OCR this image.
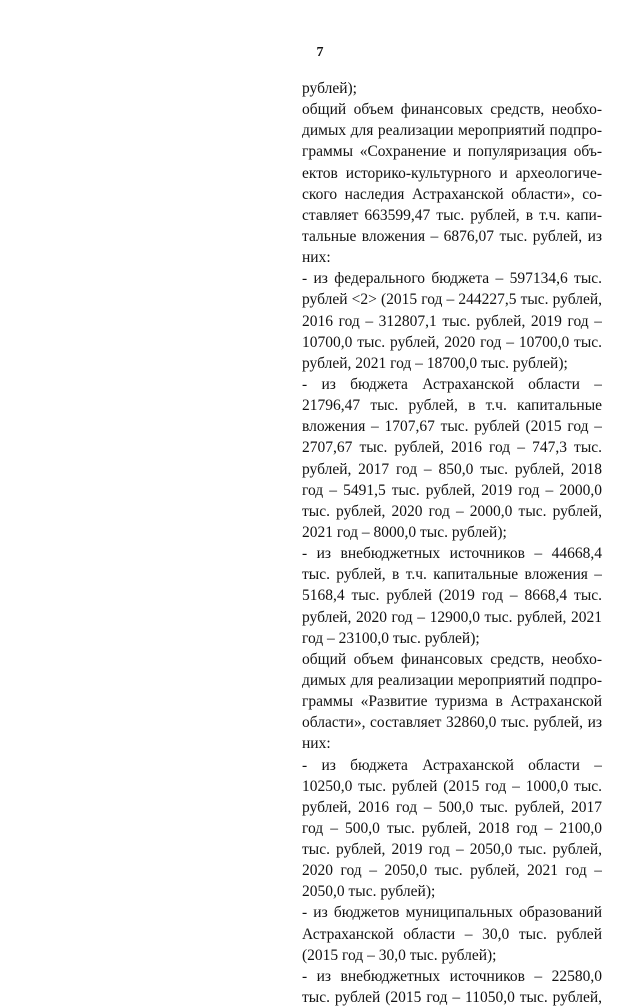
7
рублей);
общий объем финансовых средств, необхо-
димых для реализации мероприятий подпро-
граммы «Сохранение и популяризация объ-
ектов историко-культурного и археологиче-
ского наследия Астраханской области», со-
ставляет 663599,47 тыс. рублей, в т.ч. капи-
тальные вложения – 6876,07 тыс. рублей, из
них:
- из федерального бюджета – 597134,6 тыс.
рублей <2> (2015 год – 244227,5 тыс. рублей,
2016 год – 312807,1 тыс. рублей, 2019 год –
10700,0 тыс. рублей, 2020 год – 10700,0 тыс.
рублей, 2021 год – 18700,0 тыс. рублей);
- из бюджета Астраханской области –
21796,47 тыс. рублей, в т.ч. капитальные
вложения – 1707,67 тыс. рублей (2015 год –
2707,67 тыс. рублей, 2016 год – 747,3 тыс.
рублей, 2017 год – 850,0 тыс. рублей, 2018
год – 5491,5 тыс. рублей, 2019 год – 2000,0
тыс. рублей, 2020 год – 2000,0 тыс. рублей,
2021 год – 8000,0 тыс. рублей);
- из внебюджетных источников – 44668,4
тыс. рублей, в т.ч. капитальные вложения –
5168,4 тыс. рублей (2019 год – 8668,4 тыс.
рублей, 2020 год – 12900,0 тыс. рублей, 2021
год – 23100,0 тыс. рублей);
общий объем финансовых средств, необхо-
димых для реализации мероприятий подпро-
граммы «Развитие туризма в Астраханской
области», составляет 32860,0 тыс. рублей, из
них:
- из бюджета Астраханской области –
10250,0 тыс. рублей (2015 год – 1000,0 тыс.
рублей, 2016 год – 500,0 тыс. рублей, 2017
год – 500,0 тыс. рублей, 2018 год – 2100,0
тыс. рублей, 2019 год – 2050,0 тыс. рублей,
2020 год – 2050,0 тыс. рублей, 2021 год –
2050,0 тыс. рублей);
- из бюджетов муниципальных образований
Астраханской области – 30,0 тыс. рублей
(2015 год – 30,0 тыс. рублей);
- из внебюджетных источников – 22580,0
тыс. рублей (2015 год – 11050,0 тыс. рублей,
